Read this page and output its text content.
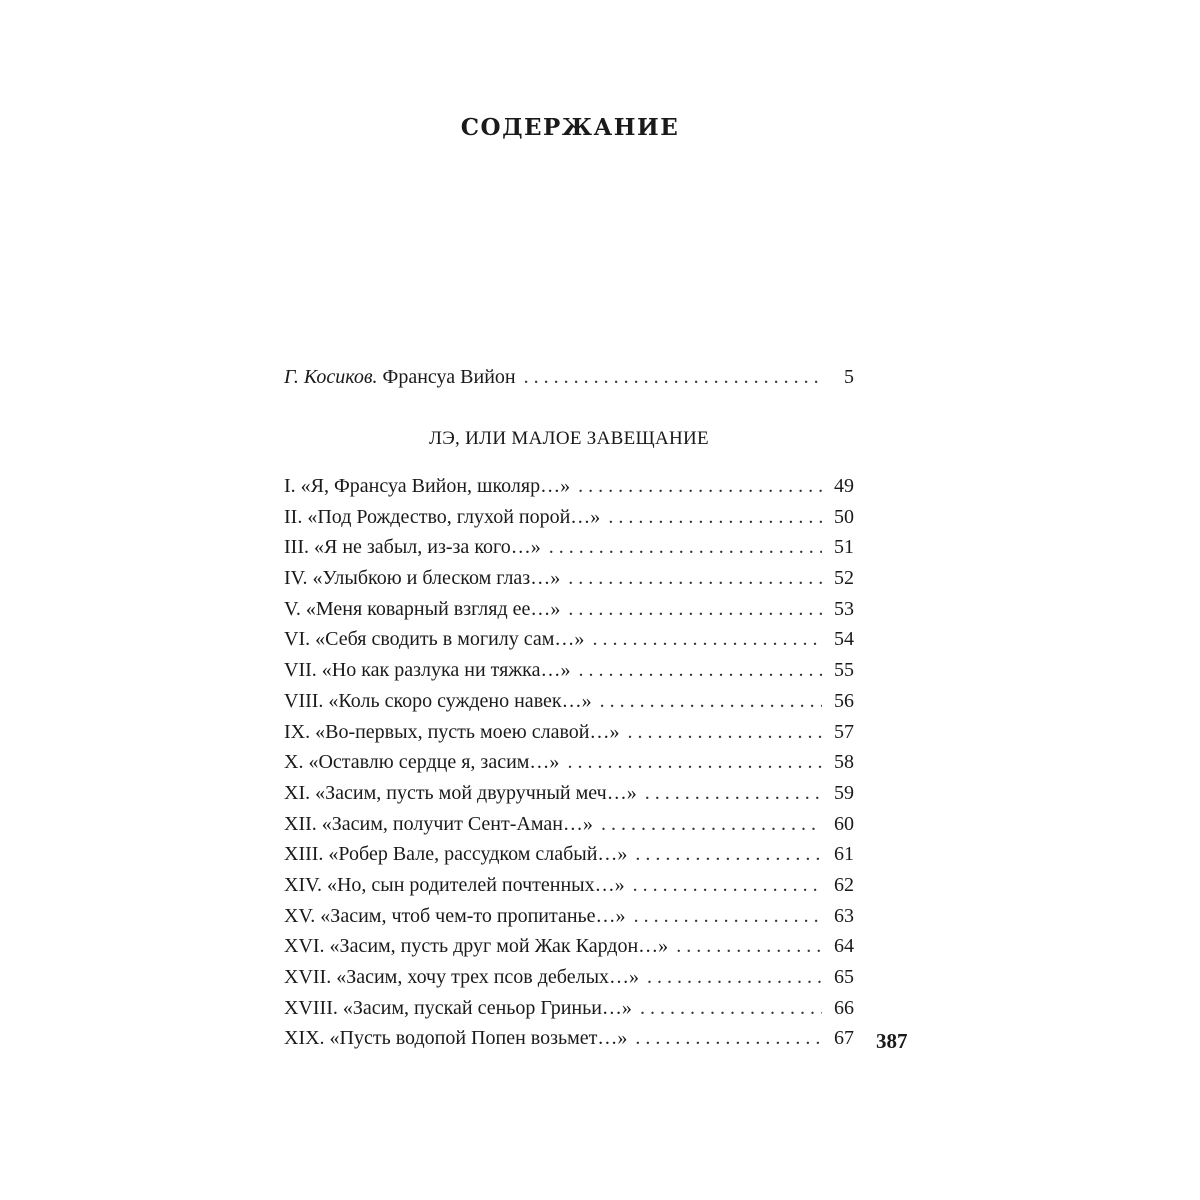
СОДЕРЖАНИЕ
Г. Косиков. Франсуа Вийон . . .	5
ЛЭ, ИЛИ МАЛОЕ ЗАВЕЩАНИЕ
I. «Я, Франсуа Вийон, школяр…» . . .	49
II. «Под Рождество, глухой порой…» . . .	50
III. «Я не забыл, из-за кого…» . . .	51
IV. «Улыбкою и блеском глаз…» . . .	52
V. «Меня коварный взгляд ее…» . . .	53
VI. «Себя сводить в могилу сам…» . . .	54
VII. «Но как разлука ни тяжка…» . . .	55
VIII. «Коль скоро суждено навек…» . . .	56
IX. «Во-первых, пусть моею славой…» . . .	57
X. «Оставлю сердце я, засим…» . . .	58
XI. «Засим, пусть мой двуручный меч…» . . .	59
XII. «Засим, получит Сент-Аман…» . . .	60
XIII. «Робер Вале, рассудком слабый…» . . .	61
XIV. «Но, сын родителей почтенных…» . . .	62
XV. «Засим, чтоб чем-то пропитанье…» . . .	63
XVI. «Засим, пусть друг мой Жак Кардон…» . . .	64
XVII. «Засим, хочу трех псов дебелых…» . . .	65
XVIII. «Засим, пускай сеньор Гриньи…» . . .	66
XIX. «Пусть водопой Попен возьмет…» . . .	67 387
